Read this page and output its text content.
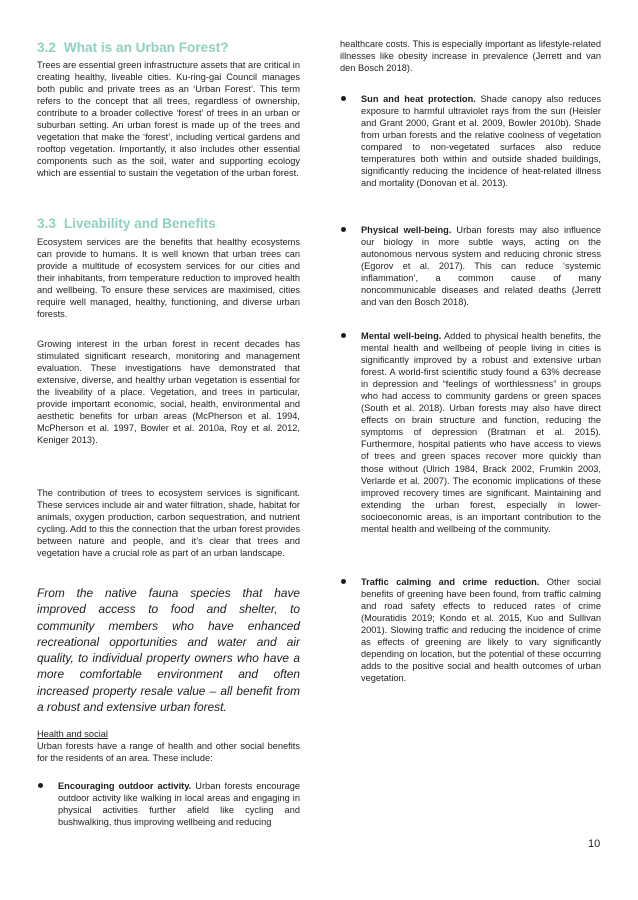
3.2 What is an Urban Forest?

Trees are essential green infrastructure assets that are critical in creating healthy, liveable cities. Ku-ring-gai Council manages both public and private trees as an ‘Urban Forest’. This term refers to the concept that all trees, regardless of ownership, contribute to a broader collective ‘forest’ of trees in an urban or suburban setting. An urban forest is made up of the trees and vegetation that make the ‘forest’, including vertical gardens and rooftop vegetation. Importantly, it also includes other essential components such as the soil, water and supporting ecology which are essential to sustain the vegetation of the urban forest.

3.3 Liveability and Benefits

Ecosystem services are the benefits that healthy ecosystems can provide to humans. It is well known that urban trees can provide a multitude of ecosystem services for our cities and their inhabitants, from temperature reduction to improved health and wellbeing. To ensure these services are maximised, cities require well managed, healthy, functioning, and diverse urban forests.

Growing interest in the urban forest in recent decades has stimulated significant research, monitoring and management evaluation. These investigations have demonstrated that extensive, diverse, and healthy urban vegetation is essential for the liveability of a place. Vegetation, and trees in particular, provide important economic, social, health, environmental and aesthetic benefits for urban areas (McPherson et al. 1994, McPherson et al. 1997, Bowler et al. 2010a, Roy et al. 2012, Keniger 2013).

The contribution of trees to ecosystem services is significant. These services include air and water filtration, shade, habitat for animals, oxygen production, carbon sequestration, and nutrient cycling. Add to this the connection that the urban forest provides between nature and people, and it’s clear that trees and vegetation have a crucial role as part of an urban landscape.

From the native fauna species that have improved access to food and shelter, to community members who have enhanced recreational opportunities and water and air quality, to individual property owners who have a more comfortable environment and often increased property resale value – all benefit from a robust and extensive urban forest.

Health and social

Urban forests have a range of health and other social benefits for the residents of an area. These include:

Encouraging outdoor activity. Urban forests encourage outdoor activity like walking in local areas and engaging in physical activities further afield like cycling and bushwalking, thus improving wellbeing and reducing

healthcare costs. This is especially important as lifestyle-related illnesses like obesity increase in prevalence (Jerrett and van den Bosch 2018).

Sun and heat protection. Shade canopy also reduces exposure to harmful ultraviolet rays from the sun (Heisler and Grant 2000, Grant et al. 2009, Bowler 2010b). Shade from urban forests and the relative coolness of vegetation compared to non-vegetated surfaces also reduce temperatures both within and outside shaded buildings, significantly reducing the incidence of heat-related illness and mortality (Donovan et al. 2013).
Physical well-being. Urban forests may also influence our biology in more subtle ways, acting on the autonomous nervous system and reducing chronic stress (Egorov et al. 2017). This can reduce ‘systemic inflammation’, a common cause of many noncommunicable diseases and related deaths (Jerrett and van den Bosch 2018).
Mental well-being. Added to physical health benefits, the mental health and wellbeing of people living in cities is significantly improved by a robust and extensive urban forest. A world-first scientific study found a 63% decrease in depression and “feelings of worthlessness” in groups who had access to community gardens or green spaces (South et al. 2018). Urban forests may also have direct effects on brain structure and function, reducing the symptoms of depression (Bratman et al. 2015). Furthermore, hospital patients who have access to views of trees and green spaces recover more quickly than those without (Ulrich 1984, Brack 2002, Frumkin 2003, Verlarde et al. 2007). The economic implications of these improved recovery times are significant. Maintaining and extending the urban forest, especially in lower-socioeconomic areas, is an important contribution to the mental health and wellbeing of the community.
Traffic calming and crime reduction. Other social benefits of greening have been found, from traffic calming and road safety effects to reduced rates of crime (Mouratidis 2019; Kondo et al. 2015, Kuo and Sullivan 2001). Slowing traffic and reducing the incidence of crime as effects of greening are likely to vary significantly depending on location, but the potential of these occurring adds to the positive social and health outcomes of urban vegetation.
10
